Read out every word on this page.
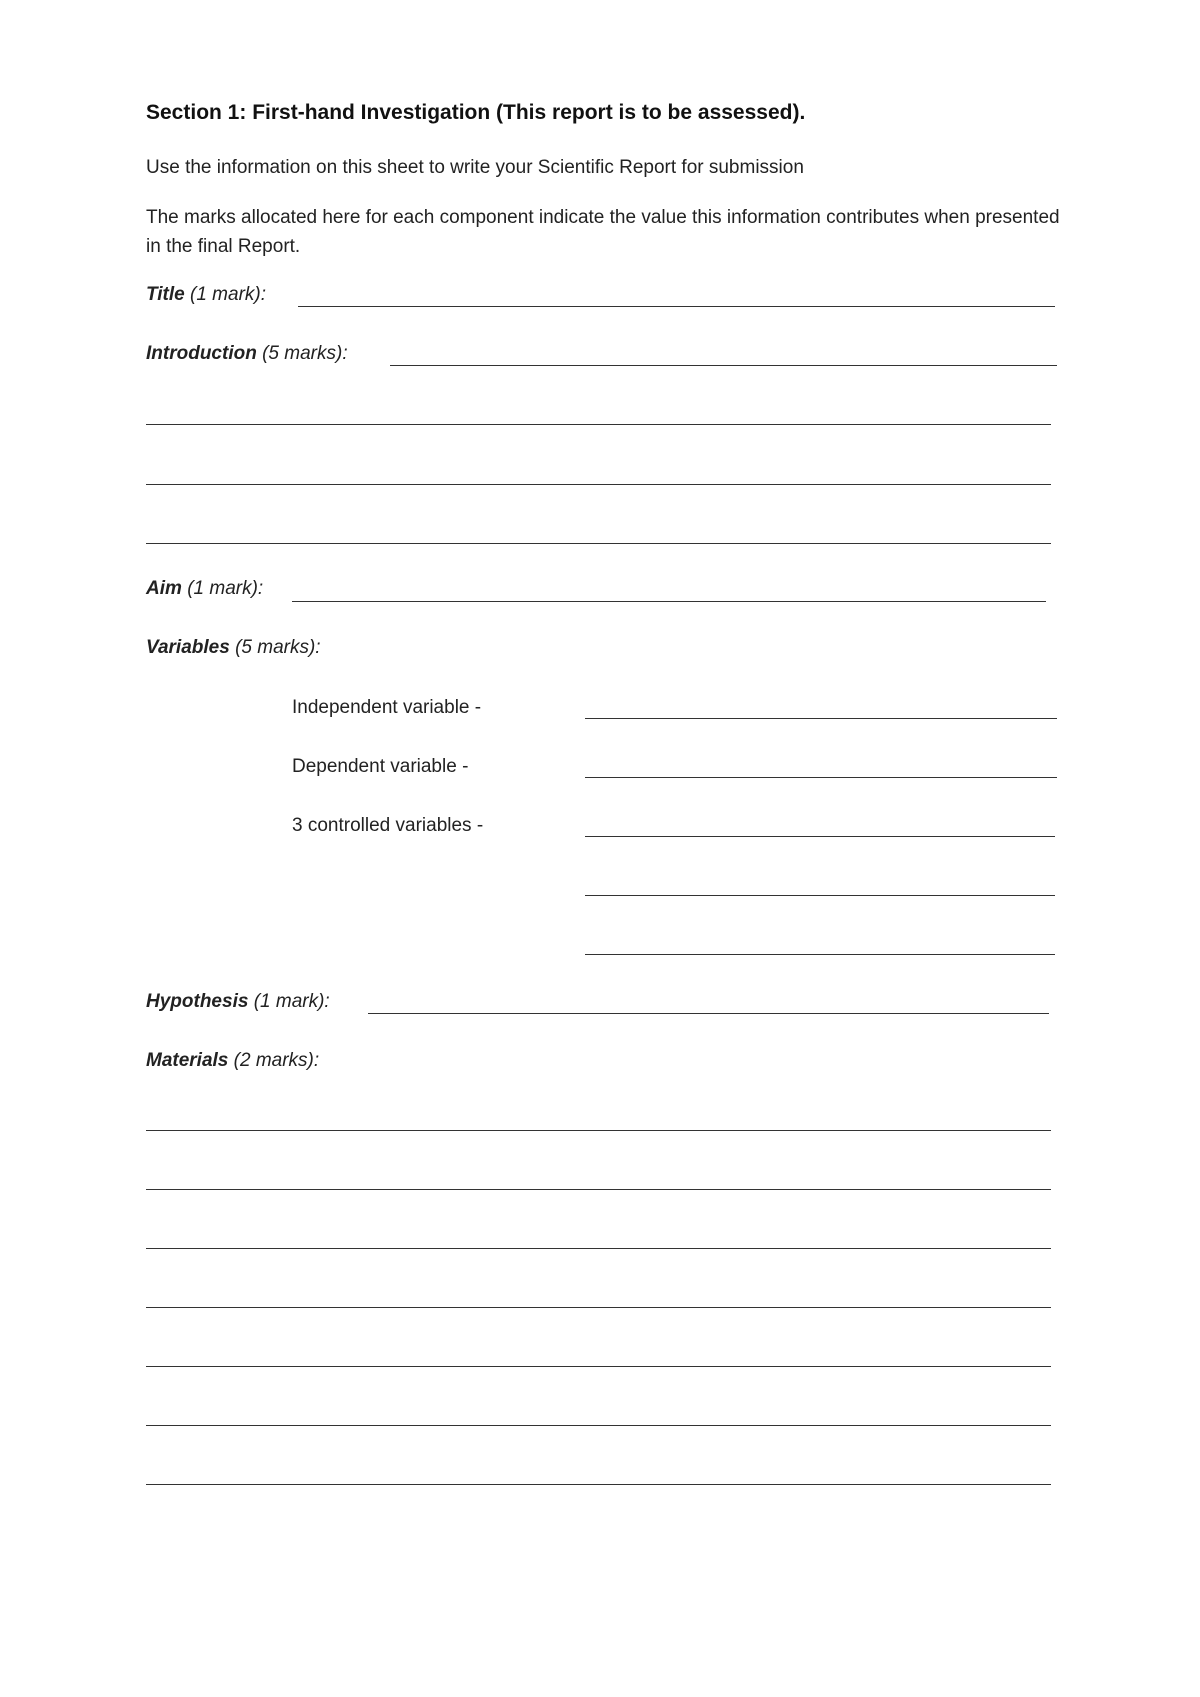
Section 1: First-hand Investigation (This report is to be assessed).
Use the information on this sheet to write your Scientific Report for submission
The marks allocated here for each component indicate the value this information contributes when presented in the final Report.
Title (1 mark):
Introduction (5 marks):
Aim (1 mark):
Variables (5 marks):
Independent variable -
Dependent variable -
3 controlled variables -
Hypothesis (1 mark):
Materials (2 marks):
